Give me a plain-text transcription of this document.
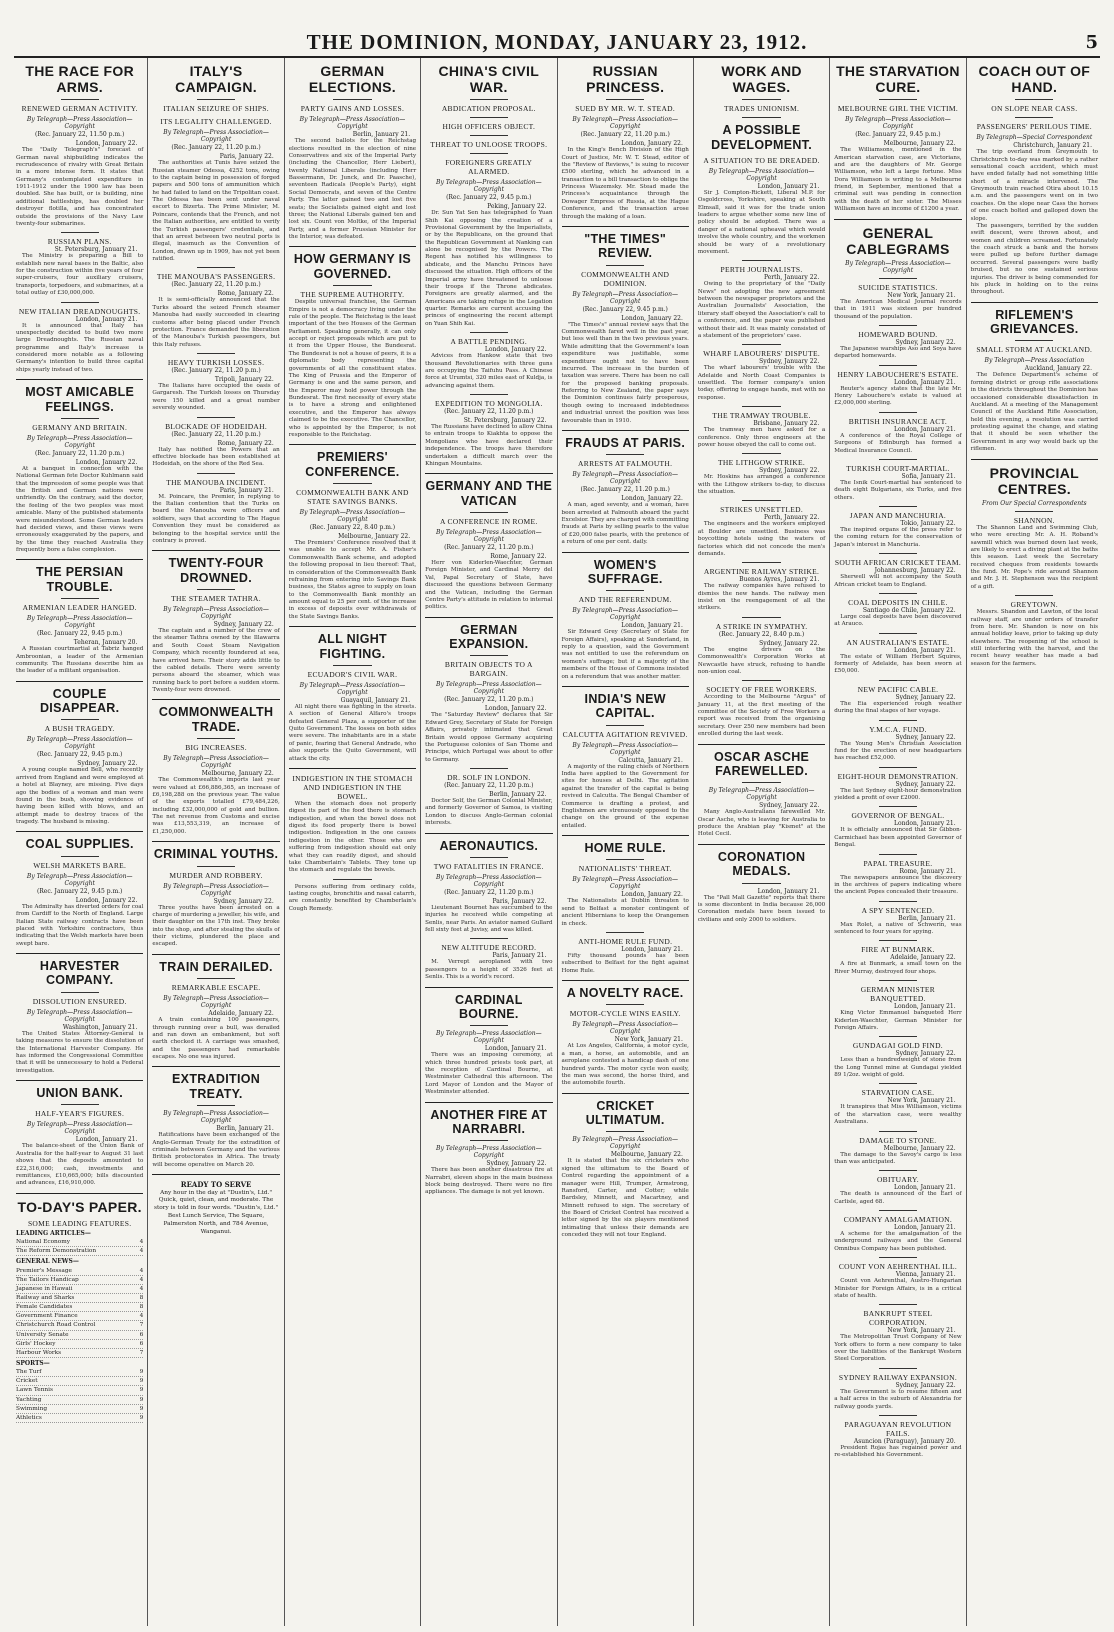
THE DOMINION, MONDAY, JANUARY 23, 1912.	5
THE RACE FOR ARMS.
RENEWED GERMAN ACTIVITY.
By Telegraph—Press Association—Copyright
(Rec. January 22, 11.50 p.m.)
London, January 22.

The "Daily Telegraph's" forecast of German naval shipbuilding indicates the recrudescence of rivalry with Great Britain in a more intense form. It states that Germany's contemplated expenditure in 1911-1912 under the 1900 law has been doubled. She has built, or is building, nine additional battleships, has doubled her destroyer flotilla, and has concentrated outside the provisions of the Navy Law twenty-four submarines.

RUSSIAN PLANS.
St. Petersburg, January 21.

The Ministry is preparing a Bill to establish new naval bases in the Baltic, also for the construction within five years of four super-cruisers, four auxiliary cruisers, transports, torpedoers, and submarines, at a total outlay of £30,000,000.

NEW ITALIAN DREADNOUGHTS.
London, January 21.

It is announced that Italy has unexpectedly decided to build two more large Dreadnoughts. The Russian naval programme and Italy's increase is considered more notable as a following Germany's intention to build three capital ships yearly instead of two.

MOST AMICABLE FEELINGS.
GERMANY AND BRITAIN.
By Telegraph—Press Association—Copyright
(Rec. January 22, 11.20 p.m.)
London, January 22.

At a banquet in connection with the National German fete Doctor Kuhlmann said that the impression of some people was that the British and German nations were unfriendly. On the contrary, said the doctor, the feeling of the two peoples was most amicable. Many of the published statements were misunderstood. Some German leaders had decided views, and these views were erroneously exaggerated by the papers, and by the time they reached Australia they frequently bore a false complexion.

THE PERSIAN TROUBLE.
ARMENIAN LEADER HANGED.
By Telegraph—Press Association—Copyright
(Rec. January 22, 9.45 p.m.)
Teheran, January 20.

A Russian courtmartial at Tabriz hanged Ambroonian, a leader of the Armenian community. The Russians describe him as the leader of a militant organisation.

COUPLE DISAPPEAR.
A BUSH TRAGEDY.
By Telegraph—Press Association—Copyright
(Rec. January 22, 9.45 p.m.)
Sydney, January 22.

A young couple named Bell, who recently arrived from England and were employed at a hotel at Blayney, are missing. Five days ago the bodies of a woman and man were found in the bush, showing evidence of having been killed with blows, and an attempt made to destroy traces of the tragedy. The husband is missing.

COAL SUPPLIES.
WELSH MARKETS BARE.
By Telegraph—Press Association—Copyright
(Rec. January 22, 9.45 p.m.)
London, January 22.

The Admiralty has diverted orders for coal from Cardiff to the North of England. Large Italian State railway contracts have been placed with Yorkshire contractors, thus indicating that the Welsh markets have been swept bare.

HARVESTER COMPANY.
DISSOLUTION ENSURED.
By Telegraph—Press Association—Copyright
Washington, January 21.

The United States Attorney-General is taking measures to ensure the dissolution of the International Harvester Company. He has informed the Congressional Committee that it will be unnecessary to hold a Federal investigation.

UNION BANK.
HALF-YEAR'S FIGURES.
By Telegraph—Press Association—Copyright
London, January 21.

The balance-sheet of the Union Bank of Australia for the half-year to August 31 last shows that the deposits amounted to £22,316,000; cash, investments and remittances, £10,665,000; bills discounted and advances, £16,910,000.

TO-DAY'S PAPER.
SOME LEADING FEATURES.
LEADING ARTICLES—
National Economy	4
The Reform Demonstration	4
GENERAL NEWS—
Premier's Message	4
The Tailors Handicap	4
Japanese in Hawaii	4
Railway and Sharks	8
Female Candidates	8
Government Finance	4
Christchurch Road Control	7
University Senate	6
Girls' Hockey	6
Harbour Works	7
SPORTS—
The Turf	9
Cricket	9
Lawn Tennis	9
Yachting	9
Swimming	9
Athletics	9
ITALY'S CAMPAIGN.
ITALIAN SEIZURE OF SHIPS.
ITS LEGALITY CHALLENGED.
By Telegraph—Press Association—Copyright
(Rec. January 22, 11.20 p.m.)
Paris, January 22.

The authorities at Tunis have seized the Russian steamer Odessa, 4252 tons, owing to the captain being in possession of forged papers and 500 tons of ammunition which he had failed to land on the Tripolitan coast. The Odessa has been sent under naval escort to Bizerta. The Prime Minister, M. Poincare, contends that the French, and not the Italian authorities, are entitled to verify the Turkish passengers' credentials, and that an arrest between two neutral ports is illegal, inasmuch as the Convention of London, drawn up in 1909, has not yet been ratified.

THE MANOUBA'S PASSENGERS.
(Rec. January 22, 11.20 p.m.)
Rome, January 22.

It is semi-officially announced that the Turks aboard the seized French steamer Manouba had easily succeeded in clearing customs after being placed under French protection. France demanded the liberation of the Manouba's Turkish passengers, but this Italy refuses.

HEAVY TURKISH LOSSES.
(Rec. January 22, 11.20 p.m.)
Tripoli, January 22.

The Italians have occupied the oasis of Gargaresh. The Turkish losses on Thursday were 150 killed and a great number severely wounded.

BLOCKADE OF HODEIDAH.
(Rec. January 22, 11.20 p.m.)
Rome, January 22.

Italy has notified the Powers that an effective blockade has been established at Hodeidah, on the shore of the Red Sea.

THE MANOUBA INCIDENT.
Paris, January 21.

M. Poincare, the Premier, in replying to the Italian contention that the Turks on board the Manouba were officers and soldiers, says that according to The Hague Convention they must be considered as belonging to the hospital service until the contrary is proved.

TWENTY-FOUR DROWNED.
THE STEAMER TATHRA.
By Telegraph—Press Association—Copyright
Sydney, January 22.

The captain and a number of the crew of the steamer Tathra owned by the Illawarra and South Coast Steam Navigation Company, which recently foundered at sea, have arrived here. Their story adds little to the cabled details. There were seventy persons aboard the steamer, which was running back to port before a sudden storm. Twenty-four were drowned.

COMMONWEALTH TRADE.
BIG INCREASES.
By Telegraph—Press Association—Copyright
Melbourne, January 22.

The Commonwealth's imports last year were valued at £66,886,365, an increase of £6,198,288 on the previous year. The value of the exports totalled £79,484,226, including £32,000,000 of gold and bullion. The net revenue from Customs and excise was £13,553,319, an increase of £1,250,000.

CRIMINAL YOUTHS.
MURDER AND ROBBERY.
By Telegraph—Press Association—Copyright
Sydney, January 22.

Three youths have been arrested on a charge of murdering a jeweller, his wife, and their daughter on the 17th inst. They broke into the shop, and after stealing the skulls of their victims, plundered the place and escaped.

TRAIN DERAILED.
REMARKABLE ESCAPE.
By Telegraph—Press Association—Copyright
Adelaide, January 22.

A train containing 100 passengers, through running over a bull, was derailed and ran down an embankment, but soft earth checked it. A carriage was smashed, and the passengers had remarkable escapes. No one was injured.

EXTRADITION TREATY.
By Telegraph—Press Association—Copyright
Berlin, January 21.

Ratifications have been exchanged of the Anglo-German Treaty for the extradition of criminals between Germany and the various British protectorates in Africa. The treaty will become operative on March 20.

READY TO SERVE

Any hour in the day at "Dustin's, Ltd." Quick, quiet, clean, and moderate. The story is told in four words. "Dustin's, Ltd." Best Lunch Service, The Square, Palmerston North, and 784 Avenue, Wanganui.

GERMAN ELECTIONS.
PARTY GAINS AND LOSSES.
By Telegraph—Press Association—Copyright
Berlin, January 21.

The second ballots for the Reichstag elections resulted in the election of nine Conservatives and six of the Imperial Party (including the Chancellor, Herr Liebert), twenty National Liberals (including Herr Bassermann, Dr. Junck, and Dr. Paasche), seventeen Radicals (People's Party), eight Social Democrats, and seven of the Centre Party. The latter gained two and lost five seats; the Socialists gained eight and lost three; the National Liberals gained ten and lost six. Count von Moltke, of the Imperial Party, and a former Prussian Minister for the Interior, was defeated.

HOW GERMANY IS GOVERNED.
THE SUPREME AUTHORITY.

Despite universal franchise, the German Empire is not a democracy living under the rule of the people. The Reichstag is the least important of the two Houses of the German Parliament. Speaking generally, it can only accept or reject proposals which are put to it from the Upper House, the Bundesrat. The Bundesrat is not a house of peers, it is a diplomatic body representing the governments of all the constituent states. The King of Prussia and the Emperor of Germany is one and the same person, and the Emperor may hold power through the Bundesrat. The first necessity of every state is to have a strong and enlightened executive, and the Emperor has always claimed to be the executive. The Chancellor, who is appointed by the Emperor, is not responsible to the Reichstag.

PREMIERS' CONFERENCE.
COMMONWEALTH BANK AND STATE SAVINGS BANKS.
By Telegraph—Press Association—Copyright
(Rec. January 22, 8.40 p.m.)
Melbourne, January 22.

The Premiers' Conference resolved that it was unable to accept Mr. A. Fisher's Commonwealth Bank scheme, and adopted the following proposal in lieu thereof: That, in consideration of the Commonwealth Bank refraining from entering into Savings Bank business, the States agree to supply on loan to the Commonwealth Bank monthly an amount equal to 25 per cent. of the increase in excess of deposits over withdrawals of the State Savings Banks.

ALL NIGHT FIGHTING.
ECUADOR'S CIVIL WAR.
By Telegraph—Press Association—Copyright
Guayaquil, January 21.

All night there was fighting in the streets. A section of General Alfaro's troops defeated General Plaza, a supporter of the Quito Government. The losses on both sides were severe. The inhabitants are in a state of panic, fearing that General Andrade, who also supports the Quito Government, will attack the city.

INDIGESTION IN THE STOMACH AND INDIGESTION IN THE BOWEL.

When the stomach does not properly digest its part of the food there is stomach indigestion, and when the bowel does not digest its food properly there is bowel indigestion. Indigestion in the one causes indigestion in the other. Those who are suffering from indigestion should eat only what they can readily digest, and should take Chamberlain's Tablets. They tone up the stomach and regulate the bowels.

Persons suffering from ordinary colds, lasting coughs, bronchitis and nasal catarrh, are constantly benefited by Chamberlain's Cough Remedy.

CHINA'S CIVIL WAR.
ABDICATION PROPOSAL.
HIGH OFFICERS OBJECT.
THREAT TO UNLOOSE TROOPS.
FOREIGNERS GREATLY ALARMED.
By Telegraph—Press Association—Copyright
(Rec. January 22, 9.45 p.m.)
Peking, January 22.

Dr. Sun Yat Sen has telegraphed to Yuan Shih Kai opposing the creation of a Provisional Government by the Imperialists, or by the Republicans, on the ground that the Republican Government at Nanking can alone be recognised by the Powers. The Regent has notified his willingness to abdicate, and the Manchu Princes have discussed the situation. High officers of the Imperial army have threatened to unloose their troops if the Throne abdicates. Foreigners are greatly alarmed, and the Americans are taking refuge in the Legation quarter. Remarks are current accusing the princes of engineering the recent attempt on Yuan Shih Kai.

A BATTLE PENDING.
London, January 22.

Advices from Hankow state that two thousand Revolutionaries with three guns are occupying the Taifuhu Pass. A Chinese force at Urumtsi, 320 miles east of Kuldja, is advancing against them.

EXPEDITION TO MONGOLIA.
(Rec. January 22, 11.20 p.m.)
St. Petersburg, January 22.

The Russians have declined to allow China to entrain troops to Kiakhta to oppose the Mongolians who have declared their independence. The troops have therefore undertaken a difficult march over the Khingan Mountains.

GERMANY AND THE VATICAN
A CONFERENCE IN ROME.
By Telegraph—Press Association—Copyright
(Rec. January 22, 11.20 p.m.)
Rome, January 22.

Herr von Kiderlen-Waechter, German Foreign Minister, and Cardinal Merry del Val, Papal Secretary of State, have discussed the questions between Germany and the Vatican, including the German Centre Party's attitude in relation to internal politics.

GERMAN EXPANSION.
BRITAIN OBJECTS TO A BARGAIN.
By Telegraph—Press Association—Copyright
(Rec. January 22, 11.20 p.m.)
London, January 22.

The "Saturday Review" declares that Sir Edward Grey, Secretary of State for Foreign Affairs, privately intimated that Great Britain would oppose Germany acquiring the Portuguese colonies of San Thome and Principe, which Portugal was about to offer to Germany.

DR. SOLF IN LONDON.
(Rec. January 22, 11.20 p.m.)
Berlin, January 22.

Doctor Solf, the German Colonial Minister, and formerly Governor of Samoa, is visiting London to discuss Anglo-German colonial interests.

AERONAUTICS.
TWO FATALITIES IN FRANCE.
By Telegraph—Press Association—Copyright
(Rec. January 22, 11.20 p.m.)
Paris, January 22.

Lieutenant Bournet has succumbed to the injuries he received while competing at Senlis, near Paris. An aviator named Gullard fell sixty feet at Juvisy, and was killed.

NEW ALTITUDE RECORD.
Paris, January 21.

M. Verrept aeroplaned with two passengers to a height of 3526 feet at Senlis. This is a world's record.

CARDINAL BOURNE.
By Telegraph—Press Association—Copyright
London, January 21.

There was an imposing ceremony, at which three hundred priests took part, at the reception of Cardinal Bourne, at Westminster Cathedral this afternoon. The Lord Mayor of London and the Mayor of Westminster attended.

ANOTHER FIRE AT NARRABRI.
By Telegraph—Press Association—Copyright
Sydney, January 22.

There has been another disastrous fire at Narrabri, eleven shops in the main business block being destroyed. There were no fire appliances. The damage is not yet known.

RUSSIAN PRINCESS.
SUED BY MR. W. T. STEAD.
By Telegraph—Press Association—Copyright
(Rec. January 22, 11.20 p.m.)
London, January 22.

In the King's Bench Division of the High Court of Justice, Mr. W. T. Stead, editor of the "Review of Reviews," is suing to recover £500 sterling, which he advanced in a transaction to a bill transaction to oblige the Princess Wiazemsky. Mr. Stead made the Princess's acquaintance through the Dowager Empress of Russia, at the Hague Conference, and the transaction arose through the making of a loan.

"THE TIMES" REVIEW.
COMMONWEALTH AND DOMINION.
By Telegraph—Press Association—Copyright
(Rec. January 22, 9.45 p.m.)
London, January 22.

"The Times's" annual review says that the Commonwealth fared well in the past year, but less well than in the two previous years. While admitting that the Government's loan expenditure was justifiable, some expenditure ought not to have been incurred. The increase in the burden of taxation was severe. There has been no call for the proposed banking proposals. Referring to New Zealand, the paper says the Dominion continues fairly prosperous, though owing to increased indebtedness and industrial unrest the position was less favourable than in 1910.

FRAUDS AT PARIS.
ARRESTS AT FALMOUTH.
By Telegraph—Press Association—Copyright
(Rec. January 22, 11.20 p.m.)
London, January 22.

A man, aged seventy, and a woman, have been arrested at Falmouth aboard the yacht Excelsior. They are charged with committing frauds at Paris by selling pearls to the value of £20,000 false pearls, with the pretence of a return of one per cent. daily.

WOMEN'S SUFFRAGE.
AND THE REFERENDUM.
By Telegraph—Press Association—Copyright
London, January 21.

Sir Edward Grey (Secretary of State for Foreign Affairs), speaking at Sunderland, in reply to a question, said the Government was not entitled to use the referendum on women's suffrage; but if a majority of the members of the House of Commons insisted on a referendum that was another matter.

INDIA'S NEW CAPITAL.
CALCUTTA AGITATION REVIVED.
By Telegraph—Press Association—Copyright
Calcutta, January 21.

A majority of the ruling chiefs of Northern India have applied to the Government for sites for houses at Delhi. The agitation against the transfer of the capital is being revived in Calcutta. The Bengal Chamber of Commerce is drafting a protest, and Englishmen are strenuously opposed to the change on the ground of the expense entailed.

HOME RULE.
NATIONALISTS' THREAT.
By Telegraph—Press Association—Copyright
London, January 22.

The Nationalists at Dublin threaten to send to Belfast a monster contingent of ancient Hibernians to keep the Orangemen in check.

ANTI-HOME RULE FUND.
London, January 21.

Fifty thousand pounds has been subscribed to Belfast for the fight against Home Rule.

A NOVELTY RACE.
MOTOR-CYCLE WINS EASILY.
By Telegraph—Press Association—Copyright
New York, January 21.

At Los Angeles, California, a motor cycle, a man, a horse, an automobile, and an aeroplane contested a handicap dash of one hundred yards. The motor cycle won easily, the man was second, the horse third, and the automobile fourth.

CRICKET ULTIMATUM.
By Telegraph—Press Association—Copyright
Melbourne, January 22.

It is stated that the six cricketers who signed the ultimatum to the Board of Control regarding the appointment of a manager were Hill, Trumper, Armstrong, Ransford, Carter, and Cotter; while Bardsley, Minnett, and Macartney, and Minnett refused to sign. The secretary of the Board of Cricket Control has received a letter signed by the six players mentioned intimating that unless their demands are conceded they will not tour England.

WORK AND WAGES.
TRADES UNIONISM.
A POSSIBLE DEVELOPMENT.
A SITUATION TO BE DREADED.
By Telegraph—Press Association—Copyright
London, January 21.

Sir J. Compton-Rickett, Liberal M.P. for Osgoldcross, Yorkshire, speaking at South Elmsall, said it was for the trade union leaders to argue whether some new line of policy should be adopted. There was a danger of a national upheaval which would involve the whole country, and the workmen should be wary of a revolutionary movement.

PERTH JOURNALISTS.
Perth, January 22.

Owing to the proprietary of the "Daily News" not adopting the new agreement between the newspaper proprietors and the Australian Journalists' Association, the literary staff obeyed the Association's call to a conference, and the paper was published without their aid. It was mainly consisted of a statement of the proprietors' case.

WHARF LABOURERS' DISPUTE.
Sydney, January 22.

The wharf labourers' trouble with the Adelaide and North Coast Companies is unsettled. The former company's union today, offering to engage hands, met with no response.

THE TRAMWAY TROUBLE.
Brisbane, January 22.

The tramway men have asked for a conference. Only three engineers at the power house obeyed the call to come out.

THE LITHGOW STRIKE.
Sydney, January 22.

Mr. Hoskins has arranged a conference with the Lithgow strikers to-day, to discuss the situation.

STRIKES UNSETTLED.
Perth, January 22.

The engineers and the workers employed at Boulder are unsettled. Business was boycotting hotels using the waters of factories which did not concede the men's demands.

ARGENTINE RAILWAY STRIKE.
Buenos Ayres, January 21.

The railway companies have refused to dismiss the new hands. The railway men insist on the reengagement of all the strikers.

A STRIKE IN SYMPATHY.
(Rec. January 22, 8.40 p.m.)
Sydney, January 22.

The engine drivers on the Commonwealth's Corporation Works at Newcastle have struck, refusing to handle non-union coal.

SOCIETY OF FREE WORKERS.

According to the Melbourne "Argus" of January 11, at the first meeting of the committee of the Society of Free Workers a report was received from the organising secretary. Over 250 new members had been enrolled during the last week.

OSCAR ASCHE FAREWELLED.
By Telegraph—Press Association—Copyright
Sydney, January 22.

Many Anglo-Australians farewelled Mr. Oscar Asche, who is leaving for Australia to produce the Arabian play "Kismet" at the Hotel Cecil.

CORONATION MEDALS.
London, January 21.

The "Pall Mall Gazette" reports that there is some discontent in India because 26,000 Coronation medals have been issued to civilians and only 2000 to soldiers.

THE STARVATION CURE.
MELBOURNE GIRL THE VICTIM.
By Telegraph—Press Association—Copyright
(Rec. January 22, 9.45 p.m.)
Melbourne, January 22.

The Williamsons, mentioned in the American starvation case, are Victorians, and are the daughters of Mr. George Williamson, who left a large fortune. Miss Dora Williamson is writing to a Melbourne friend, in September, mentioned that a criminal suit was pending in connection with the death of her sister. The Misses Williamson have an income of £1200 a year.

GENERAL CABLEGRAMS
By Telegraph—Press Association—Copyright
SUICIDE STATISTICS.
New York, January 21.

The American Medical Journal records that in 1911 was sixteen per hundred thousand of the population.

HOMEWARD BOUND.
Sydney, January 22.

The Japanese warships Aso and Soya have departed homewards.

HENRY LABOUCHERE'S ESTATE.
London, January 21.

Reuter's agency states that the late Mr. Henry Labouchere's estate is valued at £2,000,000 sterling.

BRITISH INSURANCE ACT.
London, January 21.

A conference of the Royal College of Surgeons of Edinburgh has formed a Medical Insurance Council.

TURKISH COURT-MARTIAL.
Sofia, January 21.

The Isnik Court-martial has sentenced to death eight Bulgarians, six Turks, and five others.

JAPAN AND MANCHURIA.
Tokio, January 22.

The inspired organs of the press refer to the coming return for the conservation of Japan's interest in Manchuria.

SOUTH AFRICAN CRICKET TEAM.
Johannesburg, January 22.

Sherwell will not accompany the South African cricket team to England.

COAL DEPOSITS IN CHILE.
Santiago de Chile, January 22.

Large coal deposits have been discovered at Arauco.

AN AUSTRALIAN'S ESTATE.
London, January 21.

The estate of William Herbert Squires, formerly of Adelaide, has been sworn at £50,000.

NEW PACIFIC CABLE.
Sydney, January 22.

The Eia experienced rough weather during the final stages of her voyage.

Y.M.C.A. FUND.
Sydney, January 22.

The Young Men's Christian Association fund for the erection of new headquarters has reached £52,000.

EIGHT-HOUR DEMONSTRATION.
Sydney, January 22.

The last Sydney eight-hour demonstration yielded a profit of over £2000.

GOVERNOR OF BENGAL.
London, January 21.

It is officially announced that Sir Gibbon-Carmichael has been appointed Governor of Bengal.

PAPAL TREASURE.
Rome, January 21.

The newspapers announce the discovery in the archives of papers indicating where the ancient Popes concealed their treasure.

A SPY SENTENCED.
Berlin, January 21.

Max Rolet, a native of Schwerin, was sentenced to four years for spying.

FIRE AT BUNMARK.
Adelaide, January 22.

A fire at Bunmark, a small town on the River Murray, destroyed four shops.

GERMAN MINISTER BANQUETTED.
London, January 21.

King Victor Emmanuel banqueted Herr Kiderlen-Waechter, German Minister for Foreign Affairs.

GUNDAGAI GOLD FIND.
Sydney, January 22.

Less than a hundredweight of stone from the Long Tunnel mine at Gundagai yielded 89 1/2oz. weight of gold.

STARVATION CASE.
New York, January 21.

It transpires that Miss Williamson, victims of the starvation case, were wealthy Australians.

DAMAGE TO STONE.
Melbourne, January 22.

The damage to the Savoy's cargo is less than was anticipated.

OBITUARY.
London, January 21.

The death is announced of the Earl of Carlisle, aged 68.

COMPANY AMALGAMATION.
London, January 21.

A scheme for the amalgamation of the underground railways and the General Omnibus Company has been published.

COUNT VON AEHRENTHAL ILL.
Vienna, January 21.

Count von Aehrenthal, Austro-Hungarian Minister for Foreign Affairs, is in a critical state of health.

BANKRUPT STEEL CORPORATION.
New York, January 21.

The Metropolitan Trust Company of New York offers to form a new company to take over the liabilities of the Bankrupt Western Steel Corporation.

SYDNEY RAILWAY EXPANSION.
Sydney, January 22.

The Government is to resume fifteen and a half acres in the suburb of Alexandria for railway goods yards.

PARAGUAYAN REVOLUTION FAILS.
Asuncion (Paraguay), January 20.

President Rojas has regained power and re-established his Government.

COACH OUT OF HAND.
ON SLOPE NEAR CASS.
PASSENGERS' PERILOUS TIME.
By Telegraph—Special Correspondent
Christchurch, January 21.

The trip overland from Greymouth to Christchurch to-day was marked by a rather sensational coach accident, which must have ended fatally had not something little short of a miracle intervened. The Greymouth train reached Otira about 10.15 a.m. and the passengers went on in two coaches. On the slope near Cass the horses of one coach bolted and galloped down the slope.

The passengers, terrified by the sudden swift descent, were thrown about, and women and children screamed. Fortunately the coach struck a bank and the horses were pulled up before further damage occurred. Several passengers were badly bruised, but no one sustained serious injuries. The driver is being commended for his pluck in holding on to the reins throughout.

RIFLEMEN'S GRIEVANCES.
SMALL STORM AT AUCKLAND.
By Telegraph—Press Association
Auckland, January 22.

The Defence Department's scheme of forming district or group rifle associations in the districts throughout the Dominion has occasioned considerable dissatisfaction in Auckland. At a meeting of the Management Council of the Auckland Rifle Association, held this evening, a resolution was carried protesting against the change, and stating that it should be seen whether the Government in any way would back up the riflemen.

PROVINCIAL CENTRES.
From Our Special Correspondents
SHANNON.

The Shannon Land and Swimming Club, who were erecting Mr. A. H. Roband's sawmill which was burned down last week, are likely to erect a diving plant at the baths this season. Last week the Secretary received cheques from residents towards the fund. Mr. Pope's ride around Shannon and Mr. J. H. Stephenson was the recipient of a gift.

GREYTOWN.

Messrs. Shandon and Lawton, of the local railway staff, are under orders of transfer from here. Mr. Shandon is now on his annual holiday leave, prior to taking up duty elsewhere. The reopening of the school is still interfering with the harvest, and the recent heavy weather has made a bad season for the farmers.
